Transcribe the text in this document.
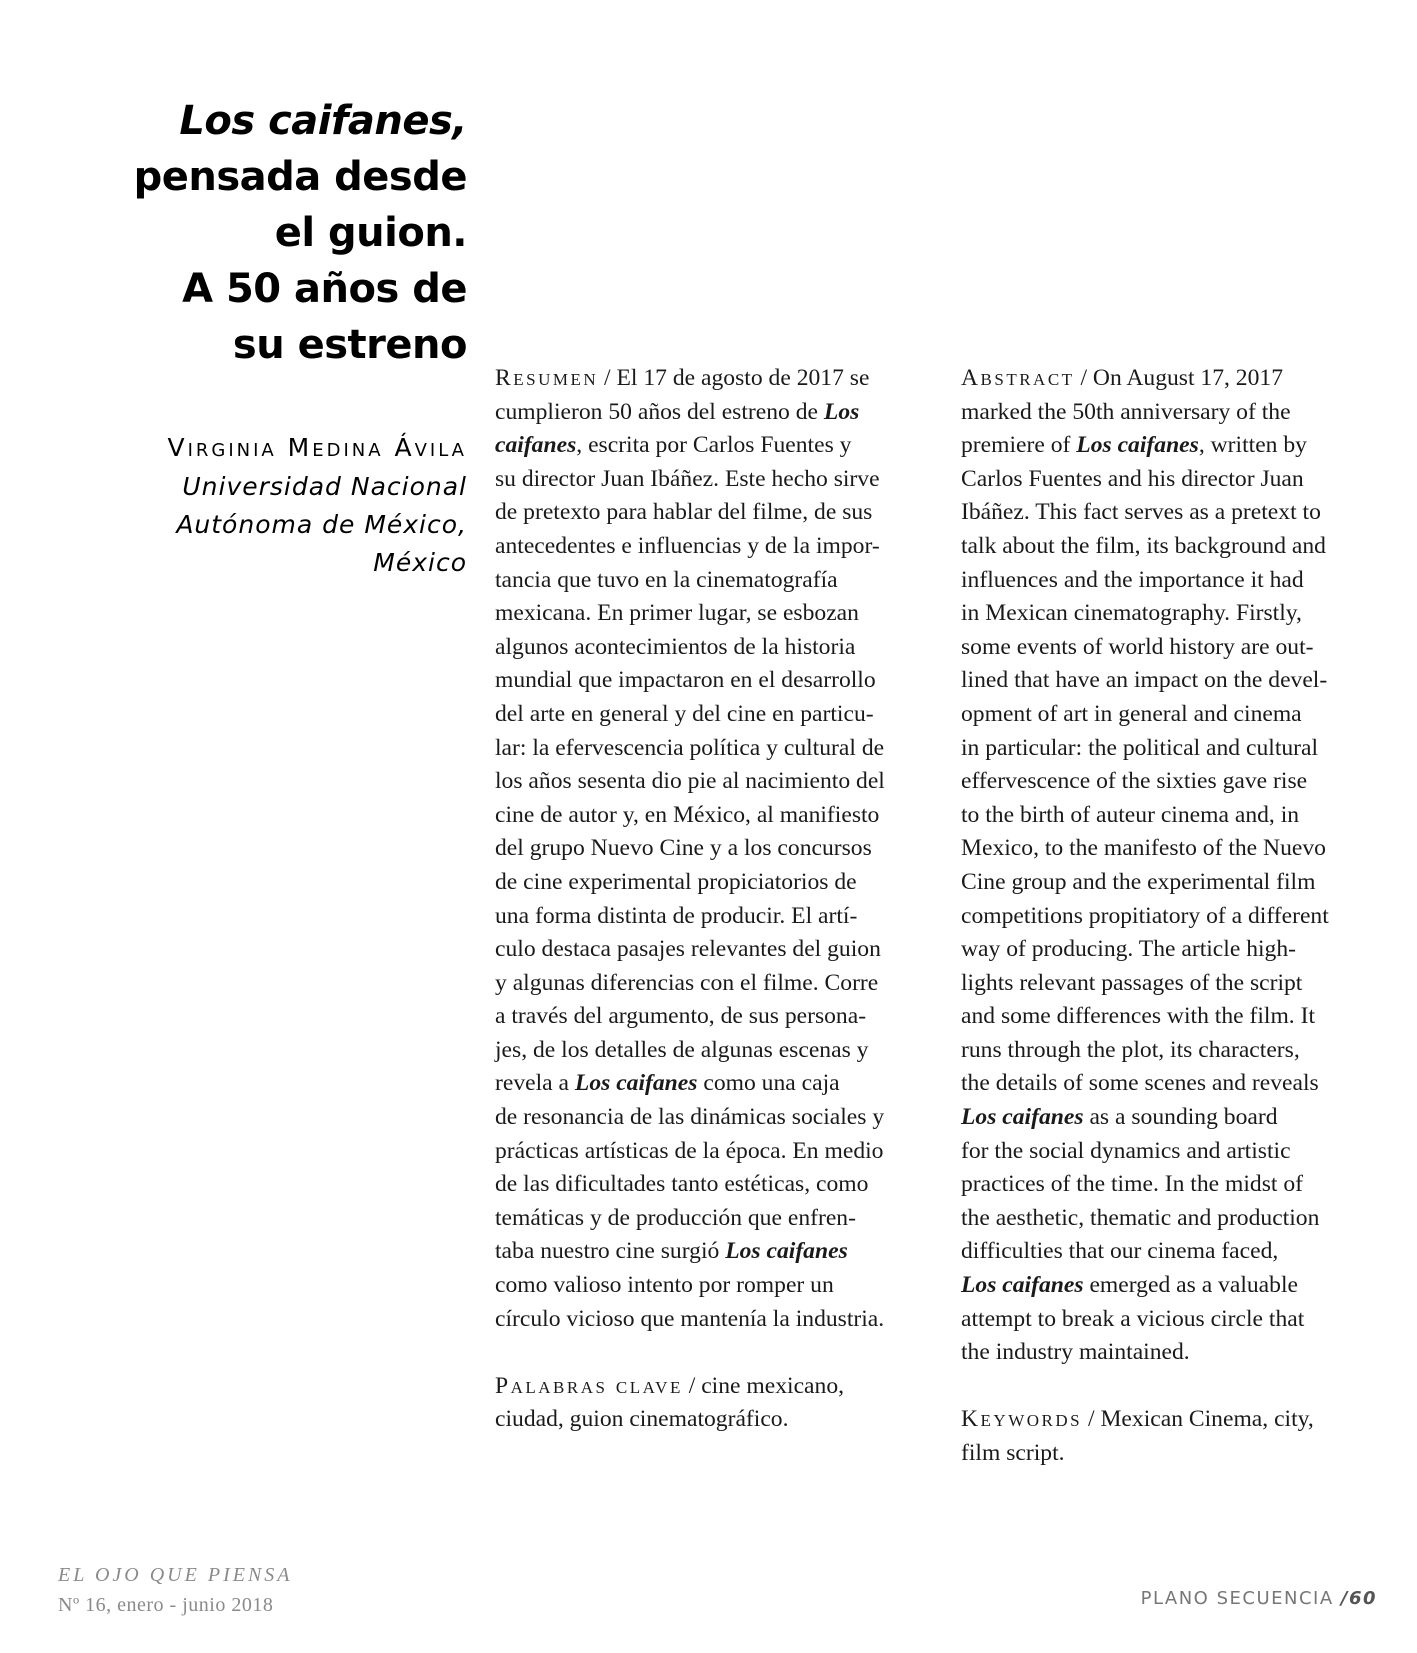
Los caifanes,
pensada desde
el guion.
A 50 años de
su estreno
Virginia Medina Ávila
Universidad Nacional
Autónoma de México,
México
Resumen / El 17 de agosto de 2017 se
cumplieron 50 años del estreno de Los
caifanes, escrita por Carlos Fuentes y
su director Juan Ibáñez. Este hecho sirve
de pretexto para hablar del filme, de sus
antecedentes e influencias y de la impor-
tancia que tuvo en la cinematografía
mexicana. En primer lugar, se esbozan
algunos acontecimientos de la historia
mundial que impactaron en el desarrollo
del arte en general y del cine en particu-
lar: la efervescencia política y cultural de
los años sesenta dio pie al nacimiento del
cine de autor y, en México, al manifiesto
del grupo Nuevo Cine y a los concursos
de cine experimental propiciatorios de
una forma distinta de producir. El artí-
culo destaca pasajes relevantes del guion
y algunas diferencias con el filme. Corre
a través del argumento, de sus persona-
jes, de los detalles de algunas escenas y
revela a Los caifanes como una caja
de resonancia de las dinámicas sociales y
prácticas artísticas de la época. En medio
de las dificultades tanto estéticas, como
temáticas y de producción que enfren-
taba nuestro cine surgió Los caifanes
como valioso intento por romper un
círculo vicioso que mantenía la industria.
Palabras clave / cine mexicano,
ciudad, guion cinematográfico.
Abstract / On August 17, 2017
marked the 50th anniversary of the
premiere of Los caifanes, written by
Carlos Fuentes and his director Juan
Ibáñez. This fact serves as a pretext to
talk about the film, its background and
influences and the importance it had
in Mexican cinematography. Firstly,
some events of world history are out-
lined that have an impact on the devel-
opment of art in general and cinema
in particular: the political and cultural
effervescence of the sixties gave rise
to the birth of auteur cinema and, in
Mexico, to the manifesto of the Nuevo
Cine group and the experimental film
competitions propitiatory of a different
way of producing. The article high-
lights relevant passages of the script
and some differences with the film. It
runs through the plot, its characters,
the details of some scenes and reveals
Los caifanes as a sounding board
for the social dynamics and artistic
practices of the time. In the midst of
the aesthetic, thematic and production
difficulties that our cinema faced,
Los caifanes emerged as a valuable
attempt to break a vicious circle that
the industry maintained.
Keywords / Mexican Cinema, city,
film script.
EL OJO QUE PIENSA
Nº 16, enero - junio 2018	PLANO SECUENCIA /60
